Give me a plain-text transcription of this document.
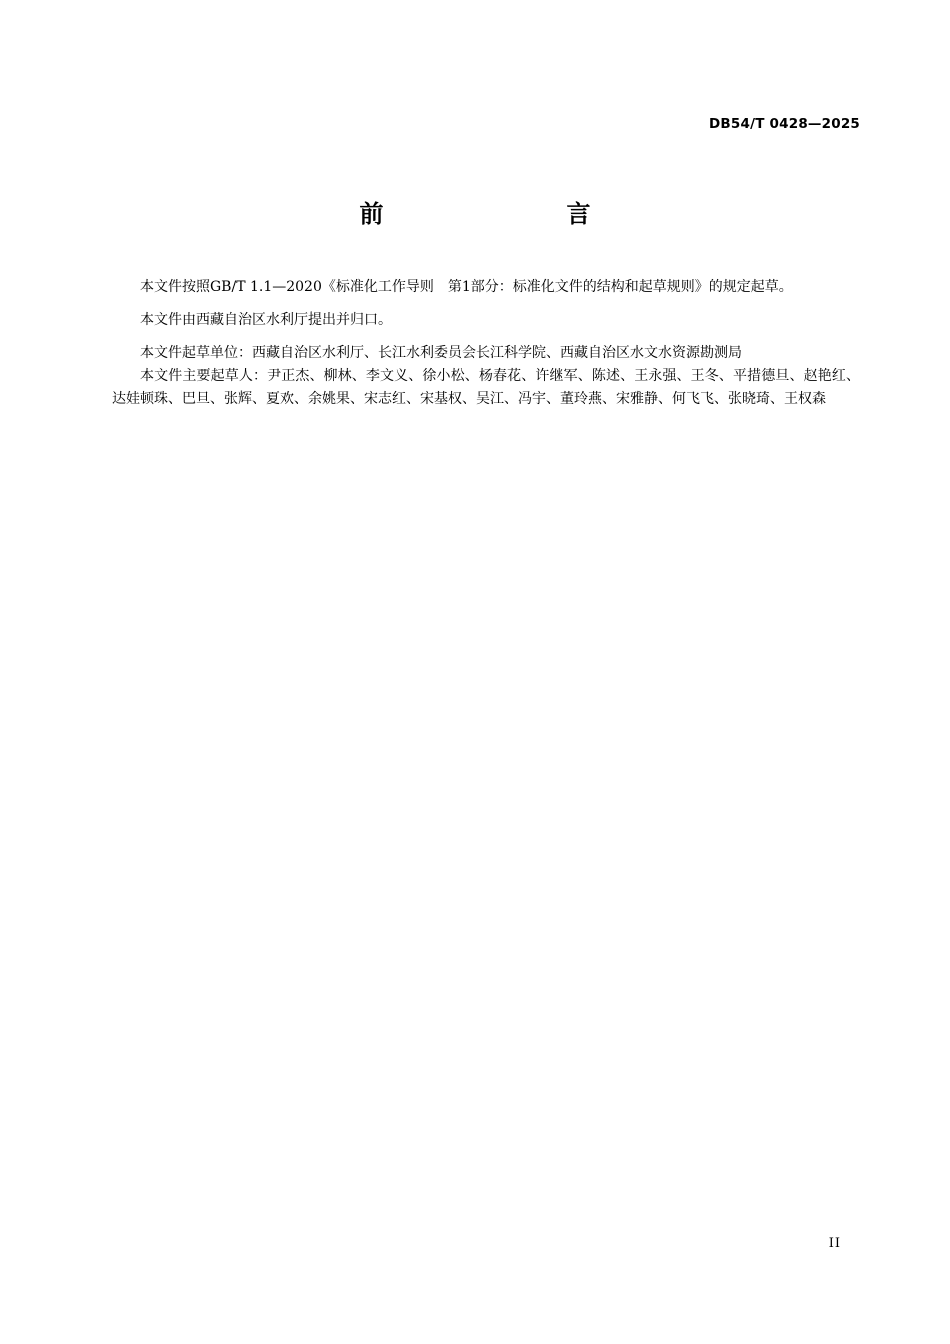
DB54/T 0428—2025
前　　言

本文件按照GB/T 1.1—2020《标准化工作导则　第1部分：标准化文件的结构和起草规则》的规定起草。

本文件由西藏自治区水利厅提出并归口。

本文件起草单位：西藏自治区水利厅、长江水利委员会长江科学院、西藏自治区水文水资源勘测局

本文件主要起草人：尹正杰、柳林、李文义、徐小松、杨春花、许继军、陈述、王永强、王冬、平措德旦、赵艳红、达娃顿珠、巴旦、张辉、夏欢、余姚果、宋志红、宋基权、吴江、冯宇、董玲燕、宋雅静、何飞飞、张晓琦、王权森

II
